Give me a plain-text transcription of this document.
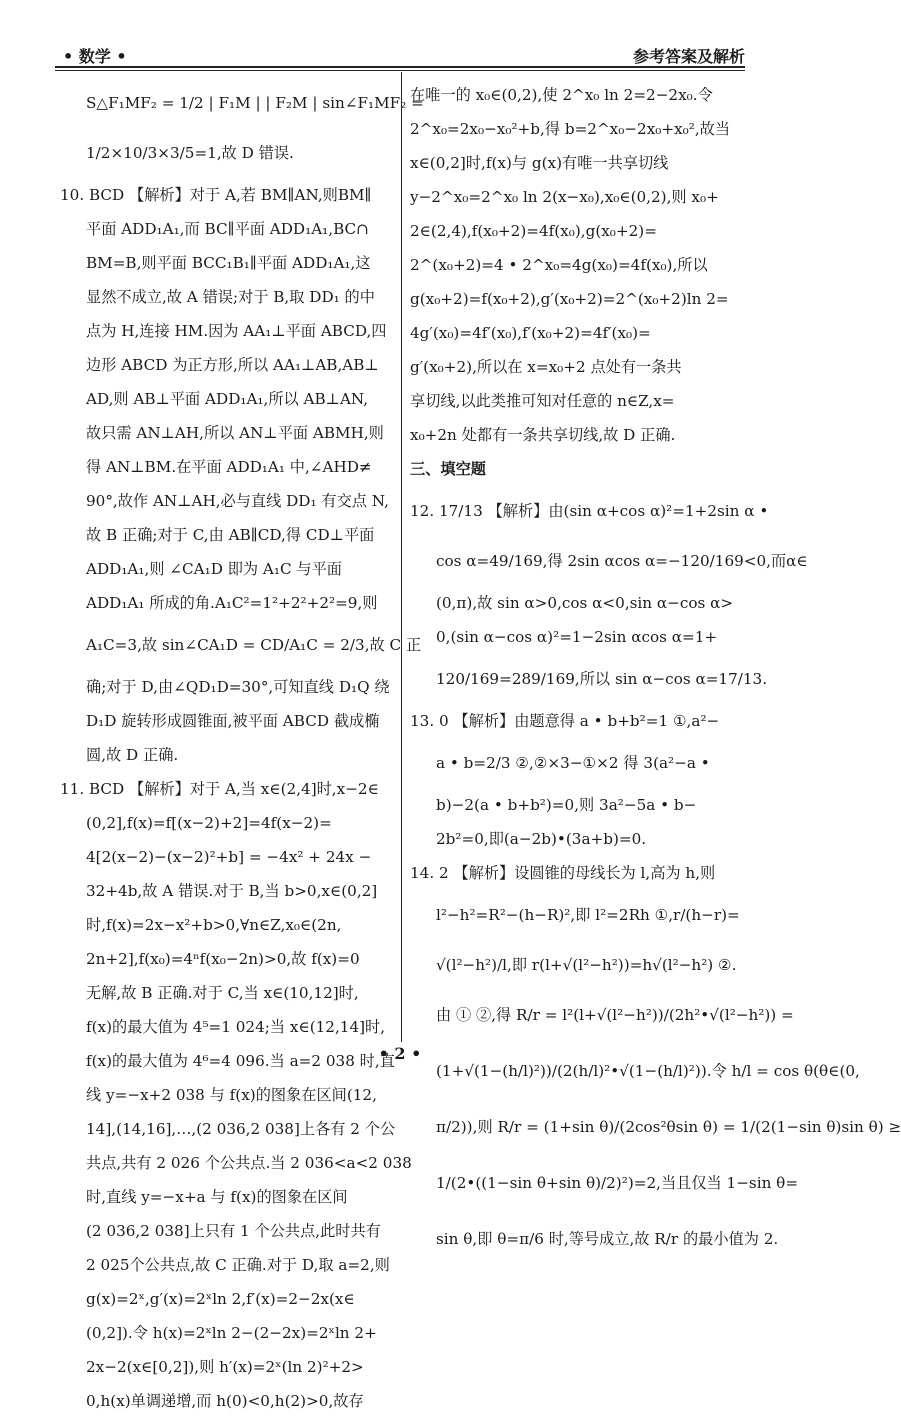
• 数学 •	参考答案及解析
S△F₁MF₂ = 1/2 | F₁M | | F₂M | sin∠F₁MF₂ =
1/2×10/3×3/5=1,故 D 错误.
10. BCD 【解析】对于 A,若 BM∥AN,则BM∥
平面 ADD₁A₁,而 BC∥平面 ADD₁A₁,BC∩
BM=B,则平面 BCC₁B₁∥平面 ADD₁A₁,这
显然不成立,故 A 错误;对于 B,取 DD₁ 的中
点为 H,连接 HM.因为 AA₁⊥平面 ABCD,四
边形 ABCD 为正方形,所以 AA₁⊥AB,AB⊥
AD,则 AB⊥平面 ADD₁A₁,所以 AB⊥AN,
故只需 AN⊥AH,所以 AN⊥平面 ABMH,则
得 AN⊥BM.在平面 ADD₁A₁ 中,∠AHD≠
90°,故作 AN⊥AH,必与直线 DD₁ 有交点 N,
故 B 正确;对于 C,由 AB∥CD,得 CD⊥平面
ADD₁A₁,则 ∠CA₁D 即为 A₁C 与平面
ADD₁A₁ 所成的角.A₁C²=1²+2²+2²=9,则
A₁C=3,故 sin∠CA₁D = CD/A₁C = 2/3,故 C 正
确;对于 D,由∠QD₁D=30°,可知直线 D₁Q 绕
D₁D 旋转形成圆锥面,被平面 ABCD 截成椭
圆,故 D 正确.
11. BCD 【解析】对于 A,当 x∈(2,4]时,x−2∈
(0,2],f(x)=f[(x−2)+2]=4f(x−2)=
4[2(x−2)−(x−2)²+b] = −4x² + 24x −
32+4b,故 A 错误.对于 B,当 b>0,x∈(0,2]
时,f(x)=2x−x²+b>0,∀n∈Z,x₀∈(2n,
2n+2],f(x₀)=4ⁿf(x₀−2n)>0,故 f(x)=0
无解,故 B 正确.对于 C,当 x∈(10,12]时,
f(x)的最大值为 4⁵=1 024;当 x∈(12,14]时,
f(x)的最大值为 4⁶=4 096.当 a=2 038 时,直
线 y=−x+2 038 与 f(x)的图象在区间(12,
14],(14,16],…,(2 036,2 038]上各有 2 个公
共点,共有 2 026 个公共点.当 2 036<a<2 038
时,直线 y=−x+a 与 f(x)的图象在区间
(2 036,2 038]上只有 1 个公共点,此时共有
2 025个公共点,故 C 正确.对于 D,取 a=2,则
g(x)=2ˣ,g′(x)=2ˣln 2,f′(x)=2−2x(x∈
(0,2]).令 h(x)=2ˣln 2−(2−2x)=2ˣln 2+
2x−2(x∈[0,2]),则 h′(x)=2ˣ(ln 2)²+2>
0,h(x)单调递增,而 h(0)<0,h(2)>0,故存
在唯一的 x₀∈(0,2),使 2^x₀ ln 2=2−2x₀.令
2^x₀=2x₀−x₀²+b,得 b=2^x₀−2x₀+x₀²,故当
x∈(0,2]时,f(x)与 g(x)有唯一共享切线
y−2^x₀=2^x₀ ln 2(x−x₀),x₀∈(0,2),则 x₀+
2∈(2,4),f(x₀+2)=4f(x₀),g(x₀+2)=
2^(x₀+2)=4 • 2^x₀=4g(x₀)=4f(x₀),所以
g(x₀+2)=f(x₀+2),g′(x₀+2)=2^(x₀+2)ln 2=
4g′(x₀)=4f′(x₀),f′(x₀+2)=4f′(x₀)=
g′(x₀+2),所以在 x=x₀+2 点处有一条共
享切线,以此类推可知对任意的 n∈Z,x=
x₀+2n 处都有一条共享切线,故 D 正确.
三、填空题
12. 17/13 【解析】由(sin α+cos α)²=1+2sin α •
cos α=49/169,得 2sin αcos α=−120/169<0,而α∈
(0,π),故 sin α>0,cos α<0,sin α−cos α>
0,(sin α−cos α)²=1−2sin αcos α=1+
120/169=289/169,所以 sin α−cos α=17/13.
13. 0 【解析】由题意得 a • b+b²=1 ①,a²−
a • b=2/3 ②,②×3−①×2 得 3(a²−a •
b)−2(a • b+b²)=0,则 3a²−5a • b−
2b²=0,即(a−2b)•(3a+b)=0.
14. 2 【解析】设圆锥的母线长为 l,高为 h,则
l²−h²=R²−(h−R)²,即 l²=2Rh ①,r/(h−r)=
√(l²−h²)/l,即 r(l+√(l²−h²))=h√(l²−h²) ②.
由 ① ②,得 R/r = l²(l+√(l²−h²))/(2h²•√(l²−h²)) =
(1+√(1−(h/l)²))/(2(h/l)²•√(1−(h/l)²)).令 h/l = cos θ(θ∈(0,
π/2)),则 R/r = (1+sin θ)/(2cos²θsin θ) = 1/(2(1−sin θ)sin θ) ≥
1/(2•((1−sin θ+sin θ)/2)²)=2,当且仅当 1−sin θ=
sin θ,即 θ=π/6 时,等号成立,故 R/r 的最小值为 2.
• 2 •
